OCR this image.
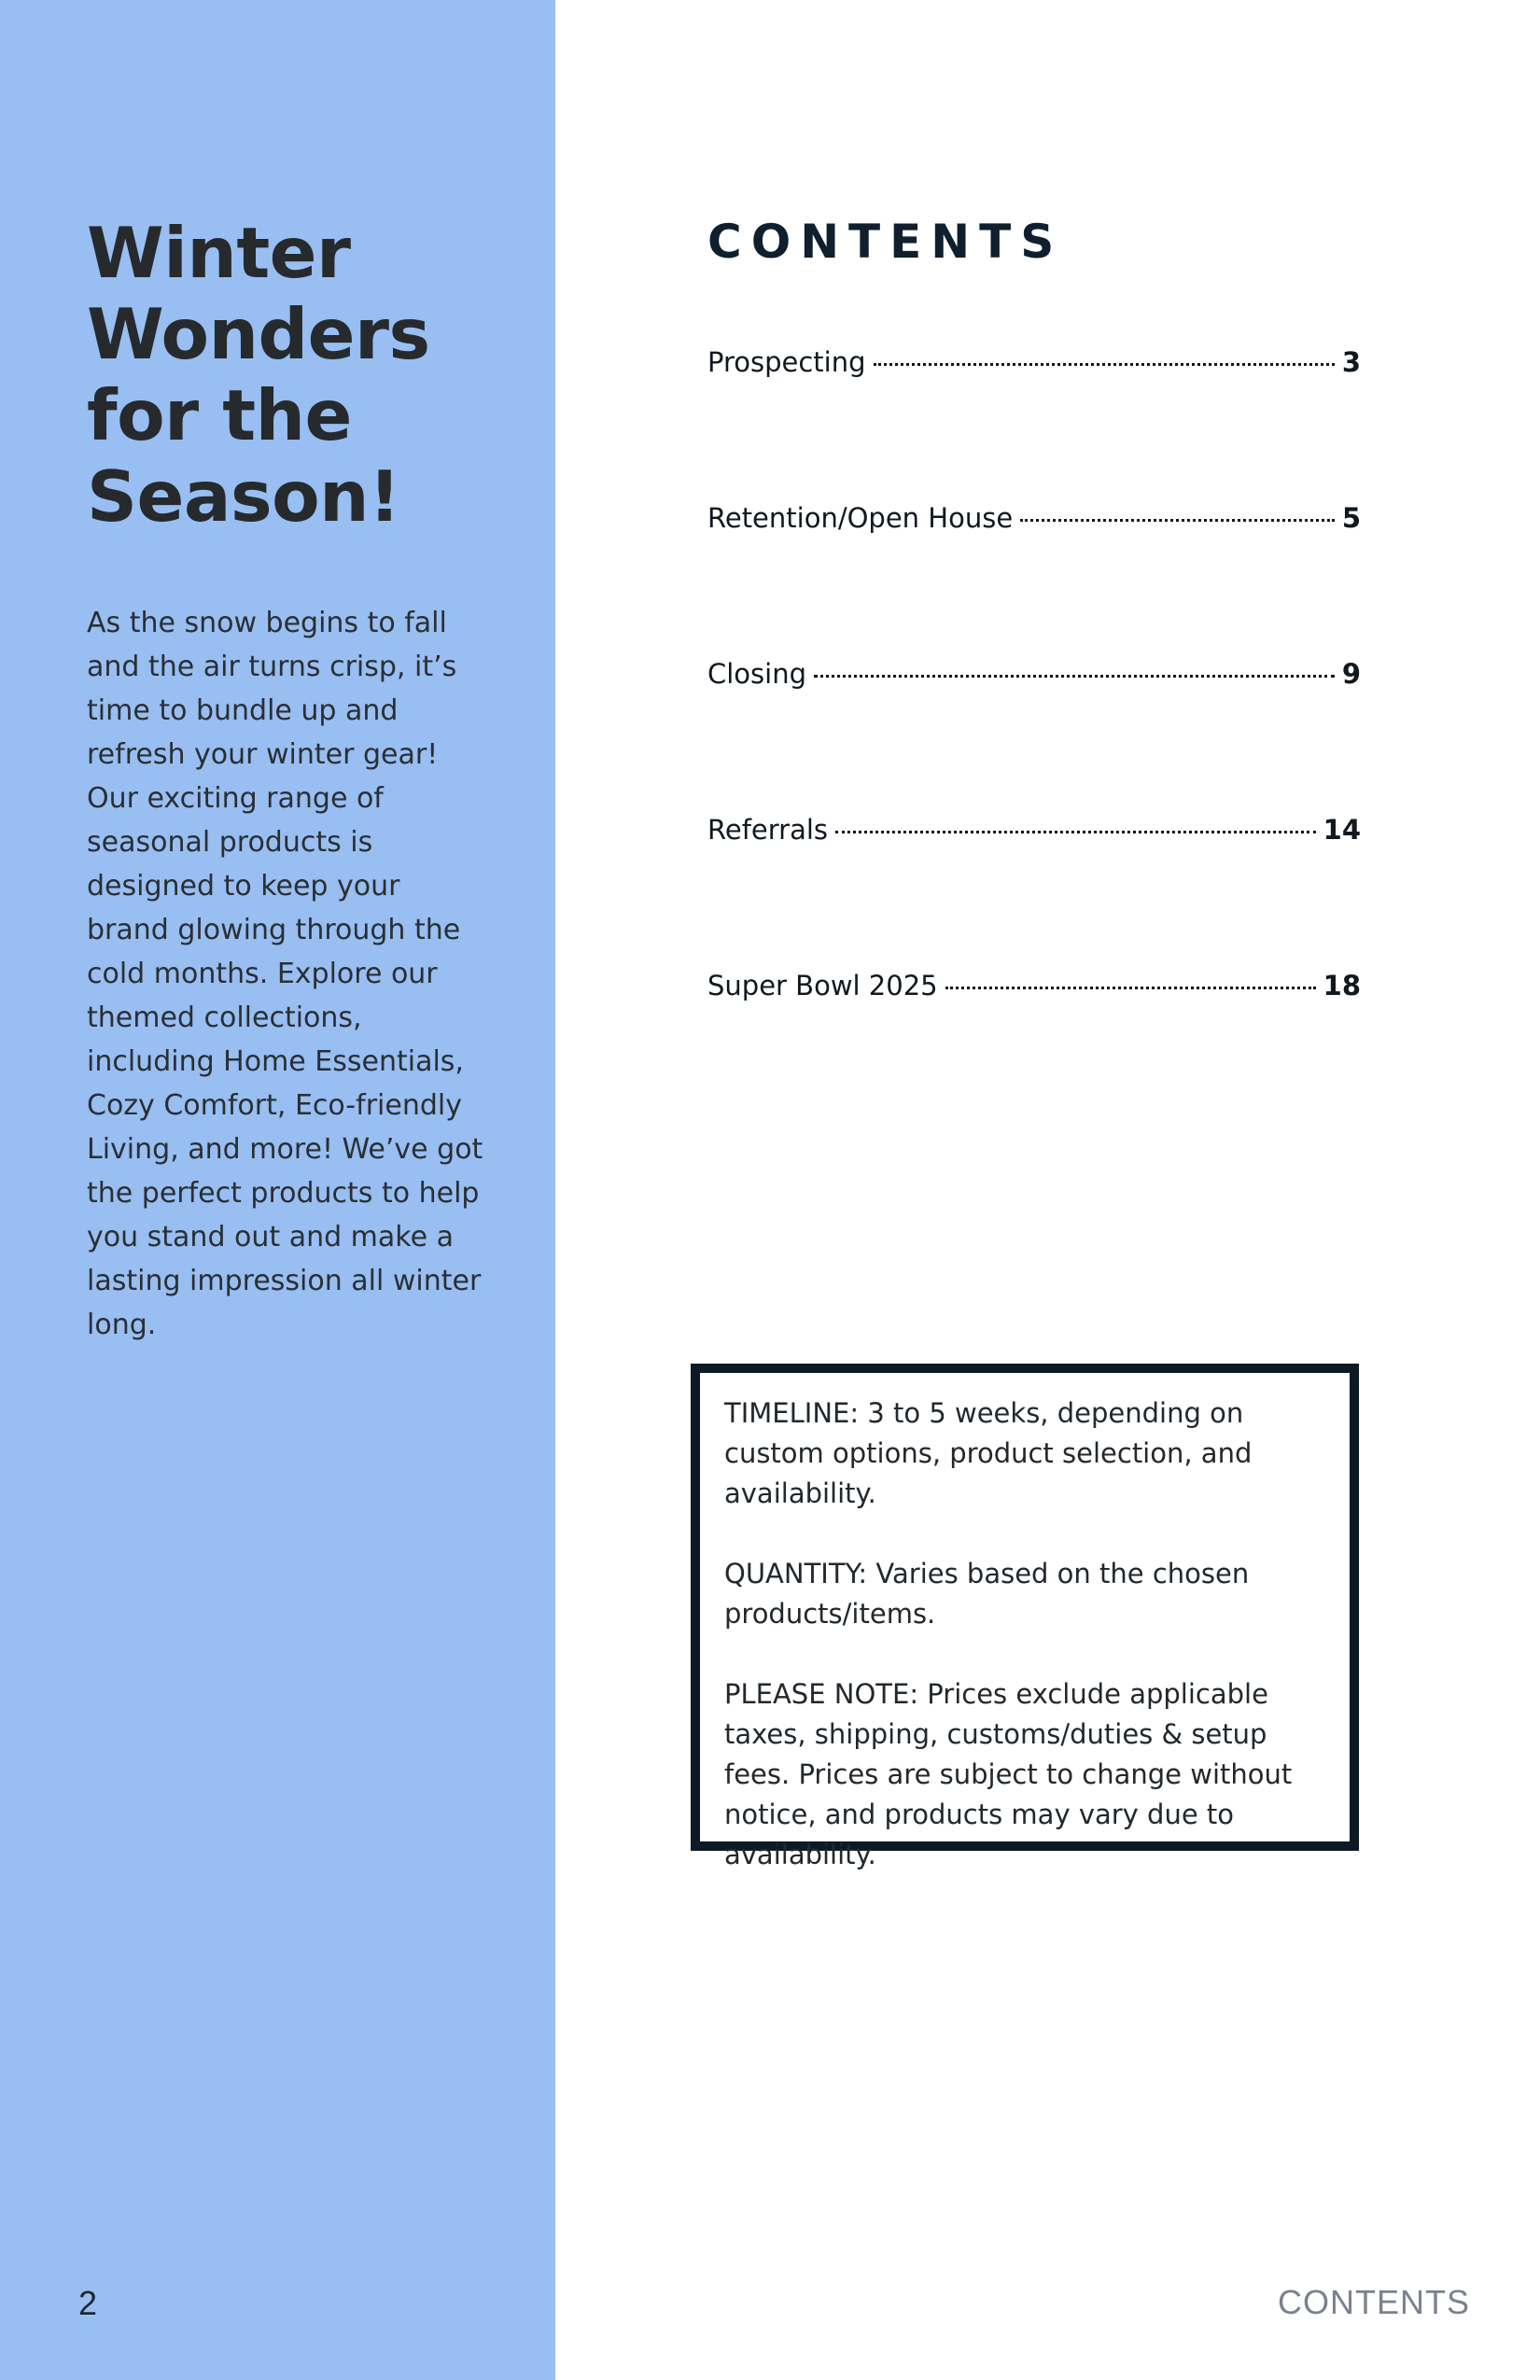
Winter Wonders for the Season!

As the snow begins to fall and the air turns crisp, it’s time to bundle up and refresh your winter gear! Our exciting range of seasonal products is designed to keep your brand glowing through the cold months. Explore our themed collections, including Home Essentials, Cozy Comfort, Eco-friendly Living, and more! We’ve got the perfect products to help you stand out and make a lasting impression all winter long.

2
CONTENTS
Prospecting	3
Retention/Open House	5
Closing	9
Referrals	14
Super Bowl 2025	18

TIMELINE: 3 to 5 weeks, depending on custom options, product selection, and availability.

QUANTITY: Varies based on the chosen products/items.

PLEASE NOTE: Prices exclude applicable taxes, shipping, customs/duties & setup fees. Prices are subject to change without notice, and products may vary due to availability.

CONTENTS
